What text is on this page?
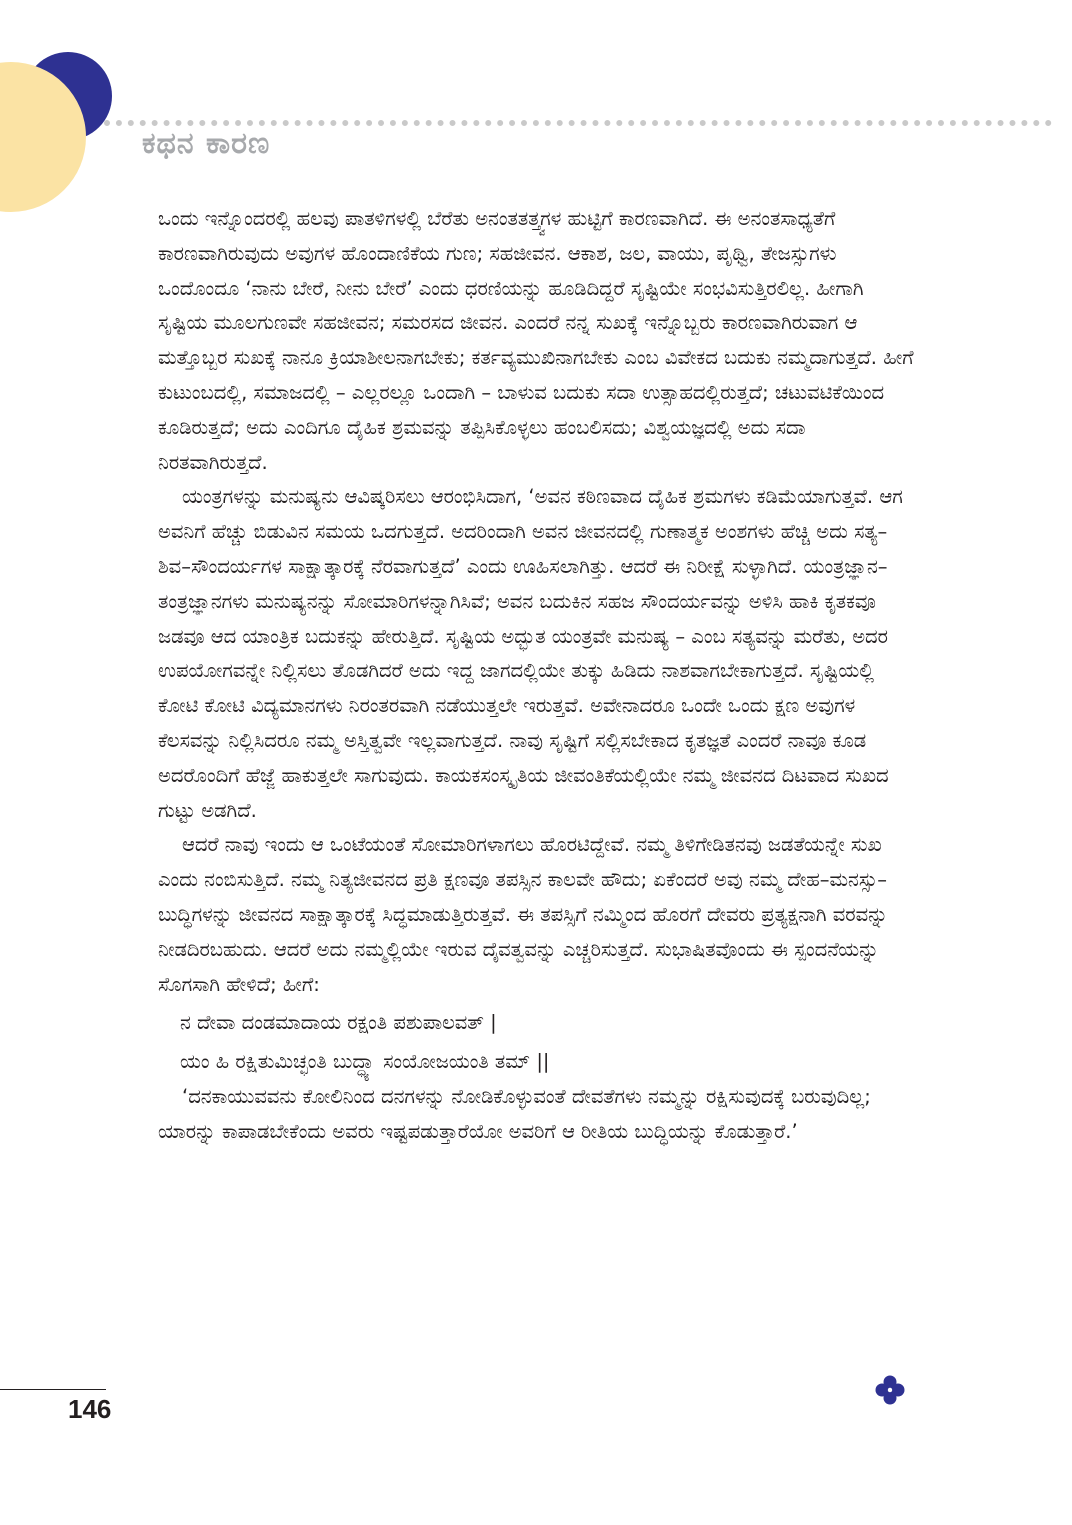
ಕಥನ ಕಾರಣ

ಒಂದು ಇನ್ನೊಂದರಲ್ಲಿ ಹಲವು ಪಾತಳಿಗಳಲ್ಲಿ ಬೆರೆತು ಅನಂತತತ್ತ್ವಗಳ ಹುಟ್ಟಿಗೆ ಕಾರಣವಾಗಿದೆ. ಈ ಅನಂತಸಾಧ್ಯತೆಗೆ ಕಾರಣವಾಗಿರುವುದು ಅವುಗಳ ಹೊಂದಾಣಿಕೆಯ ಗುಣ; ಸಹಜೀವನ. ಆಕಾಶ, ಜಲ, ವಾಯು, ಪೃಥ್ವಿ, ತೇಜಸ್ಸುಗಳು ಒಂದೊಂದೂ ‘ನಾನು ಬೇರೆ, ನೀನು ಬೇರೆ’ ಎಂದು ಧರಣಿಯನ್ನು ಹೂಡಿದಿದ್ದರೆ ಸೃಷ್ಟಿಯೇ ಸಂಭವಿಸುತ್ತಿರಲಿಲ್ಲ. ಹೀಗಾಗಿ ಸೃಷ್ಟಿಯ ಮೂಲಗುಣವೇ ಸಹಜೀವನ; ಸಮರಸದ ಜೀವನ. ಎಂದರೆ ನನ್ನ ಸುಖಕ್ಕೆ ಇನ್ನೊಬ್ಬರು ಕಾರಣವಾಗಿರುವಾಗ ಆ ಮತ್ತೊಬ್ಬರ ಸುಖಕ್ಕೆ ನಾನೂ ಕ್ರಿಯಾಶೀಲನಾಗಬೇಕು; ಕರ್ತವ್ಯಮುಖಿನಾಗಬೇಕು ಎಂಬ ವಿವೇಕದ ಬದುಕು ನಮ್ಮದಾಗುತ್ತದೆ. ಹೀಗೆ ಕುಟುಂಬದಲ್ಲಿ, ಸಮಾಜದಲ್ಲಿ – ಎಲ್ಲರಲ್ಲೂ ಒಂದಾಗಿ – ಬಾಳುವ ಬದುಕು ಸದಾ ಉತ್ಸಾಹದಲ್ಲಿರುತ್ತದೆ; ಚಟುವಟಿಕೆಯಿಂದ ಕೂಡಿರುತ್ತದೆ; ಅದು ಎಂದಿಗೂ ದೈಹಿಕ ಶ್ರಮವನ್ನು ತಪ್ಪಿಸಿಕೊಳ್ಳಲು ಹಂಬಲಿಸದು; ವಿಶ್ವಯಜ್ಞದಲ್ಲಿ ಅದು ಸದಾ ನಿರತವಾಗಿರುತ್ತದೆ.

ಯಂತ್ರಗಳನ್ನು ಮನುಷ್ಯನು ಆವಿಷ್ಕರಿಸಲು ಆರಂಭಿಸಿದಾಗ, ‘ಅವನ ಕಠಿಣವಾದ ದೈಹಿಕ ಶ್ರಮಗಳು ಕಡಿಮೆಯಾಗುತ್ತವೆ. ಆಗ ಅವನಿಗೆ ಹೆಚ್ಚು ಬಿಡುವಿನ ಸಮಯ ಒದಗುತ್ತದೆ. ಅದರಿಂದಾಗಿ ಅವನ ಜೀವನದಲ್ಲಿ ಗುಣಾತ್ಮಕ ಅಂಶಗಳು ಹೆಚ್ಚಿ ಅದು ಸತ್ಯ–ಶಿವ–ಸೌಂದರ್ಯಗಳ ಸಾಕ್ಷಾತ್ಕಾರಕ್ಕೆ ನೆರವಾಗುತ್ತದೆ’ ಎಂದು ಊಹಿಸಲಾಗಿತ್ತು. ಆದರೆ ಈ ನಿರೀಕ್ಷೆ ಸುಳ್ಳಾಗಿದೆ. ಯಂತ್ರಜ್ಞಾನ–ತಂತ್ರಜ್ಞಾನಗಳು ಮನುಷ್ಯನನ್ನು ಸೋಮಾರಿಗಳನ್ನಾಗಿಸಿವೆ; ಅವನ ಬದುಕಿನ ಸಹಜ ಸೌಂದರ್ಯವನ್ನು ಅಳಿಸಿ ಹಾಕಿ ಕೃತಕವೂ ಜಡವೂ ಆದ ಯಾಂತ್ರಿಕ ಬದುಕನ್ನು ಹೇರುತ್ತಿದೆ. ಸೃಷ್ಟಿಯ ಅದ್ಭುತ ಯಂತ್ರವೇ ಮನುಷ್ಯ – ಎಂಬ ಸತ್ಯವನ್ನು ಮರೆತು, ಅದರ ಉಪಯೋಗವನ್ನೇ ನಿಲ್ಲಿಸಲು ತೊಡಗಿದರೆ ಅದು ಇದ್ದ ಜಾಗದಲ್ಲಿಯೇ ತುಕ್ಕು ಹಿಡಿದು ನಾಶವಾಗಬೇಕಾಗುತ್ತದೆ. ಸೃಷ್ಟಿಯಲ್ಲಿ ಕೋಟಿ ಕೋಟಿ ವಿದ್ಯಮಾನಗಳು ನಿರಂತರವಾಗಿ ನಡೆಯುತ್ತಲೇ ಇರುತ್ತವೆ. ಅವೇನಾದರೂ ಒಂದೇ ಒಂದು ಕ್ಷಣ ಅವುಗಳ ಕೆಲಸವನ್ನು ನಿಲ್ಲಿಸಿದರೂ ನಮ್ಮ ಅಸ್ತಿತ್ವವೇ ಇಲ್ಲವಾಗುತ್ತದೆ. ನಾವು ಸೃಷ್ಟಿಗೆ ಸಲ್ಲಿಸಬೇಕಾದ ಕೃತಜ್ಞತೆ ಎಂದರೆ ನಾವೂ ಕೂಡ ಅದರೊಂದಿಗೆ ಹೆಜ್ಜೆ ಹಾಕುತ್ತಲೇ ಸಾಗುವುದು. ಕಾಯಕಸಂಸ್ಕೃತಿಯ ಜೀವಂತಿಕೆಯಲ್ಲಿಯೇ ನಮ್ಮ ಜೀವನದ ದಿಟವಾದ ಸುಖದ ಗುಟ್ಟು ಅಡಗಿದೆ.

ಆದರೆ ನಾವು ಇಂದು ಆ ಒಂಟೆಯಂತೆ ಸೋಮಾರಿಗಳಾಗಲು ಹೊರಟಿದ್ದೇವೆ. ನಮ್ಮ ತಿಳಿಗೇಡಿತನವು ಜಡತೆಯನ್ನೇ ಸುಖ ಎಂದು ನಂಬಿಸುತ್ತಿದೆ. ನಮ್ಮ ನಿತ್ಯಜೀವನದ ಪ್ರತಿ ಕ್ಷಣವೂ ತಪಸ್ಸಿನ ಕಾಲವೇ ಹೌದು; ಏಕೆಂದರೆ ಅವು ನಮ್ಮ ದೇಹ–ಮನಸ್ಸು–ಬುದ್ಧಿಗಳನ್ನು ಜೀವನದ ಸಾಕ್ಷಾತ್ಕಾರಕ್ಕೆ ಸಿದ್ಧಮಾಡುತ್ತಿರುತ್ತವೆ. ಈ ತಪಸ್ಸಿಗೆ ನಮ್ಮಿಂದ ಹೊರಗೆ ದೇವರು ಪ್ರತ್ಯಕ್ಷನಾಗಿ ವರವನ್ನು ನೀಡದಿರಬಹುದು. ಆದರೆ ಅದು ನಮ್ಮಲ್ಲಿಯೇ ಇರುವ ದೈವತ್ವವನ್ನು ಎಚ್ಚರಿಸುತ್ತದೆ. ಸುಭಾಷಿತವೊಂದು ಈ ಸ್ಪಂದನೆಯನ್ನು ಸೊಗಸಾಗಿ ಹೇಳಿದೆ; ಹೀಗೆ:

ನ ದೇವಾ ದಂಡಮಾದಾಯ ರಕ್ಷಂತಿ ಪಶುಪಾಲವತ್ |

ಯಂ ಹಿ ರಕ್ಷಿತುಮಿಚ್ಛಂತಿ ಬುದ್ಧ್ಯಾ ಸಂಯೋಜಯಂತಿ ತಮ್ ||

‘ದನಕಾಯುವವನು ಕೋಲಿನಿಂದ ದನಗಳನ್ನು ನೋಡಿಕೊಳ್ಳುವಂತೆ ದೇವತೆಗಳು ನಮ್ಮನ್ನು ರಕ್ಷಿಸುವುದಕ್ಕೆ ಬರುವುದಿಲ್ಲ; ಯಾರನ್ನು ಕಾಪಾಡಬೇಕೆಂದು ಅವರು ಇಷ್ಟಪಡುತ್ತಾರೆಯೋ ಅವರಿಗೆ ಆ ರೀತಿಯ ಬುದ್ಧಿಯನ್ನು ಕೊಡುತ್ತಾರೆ.’

146
